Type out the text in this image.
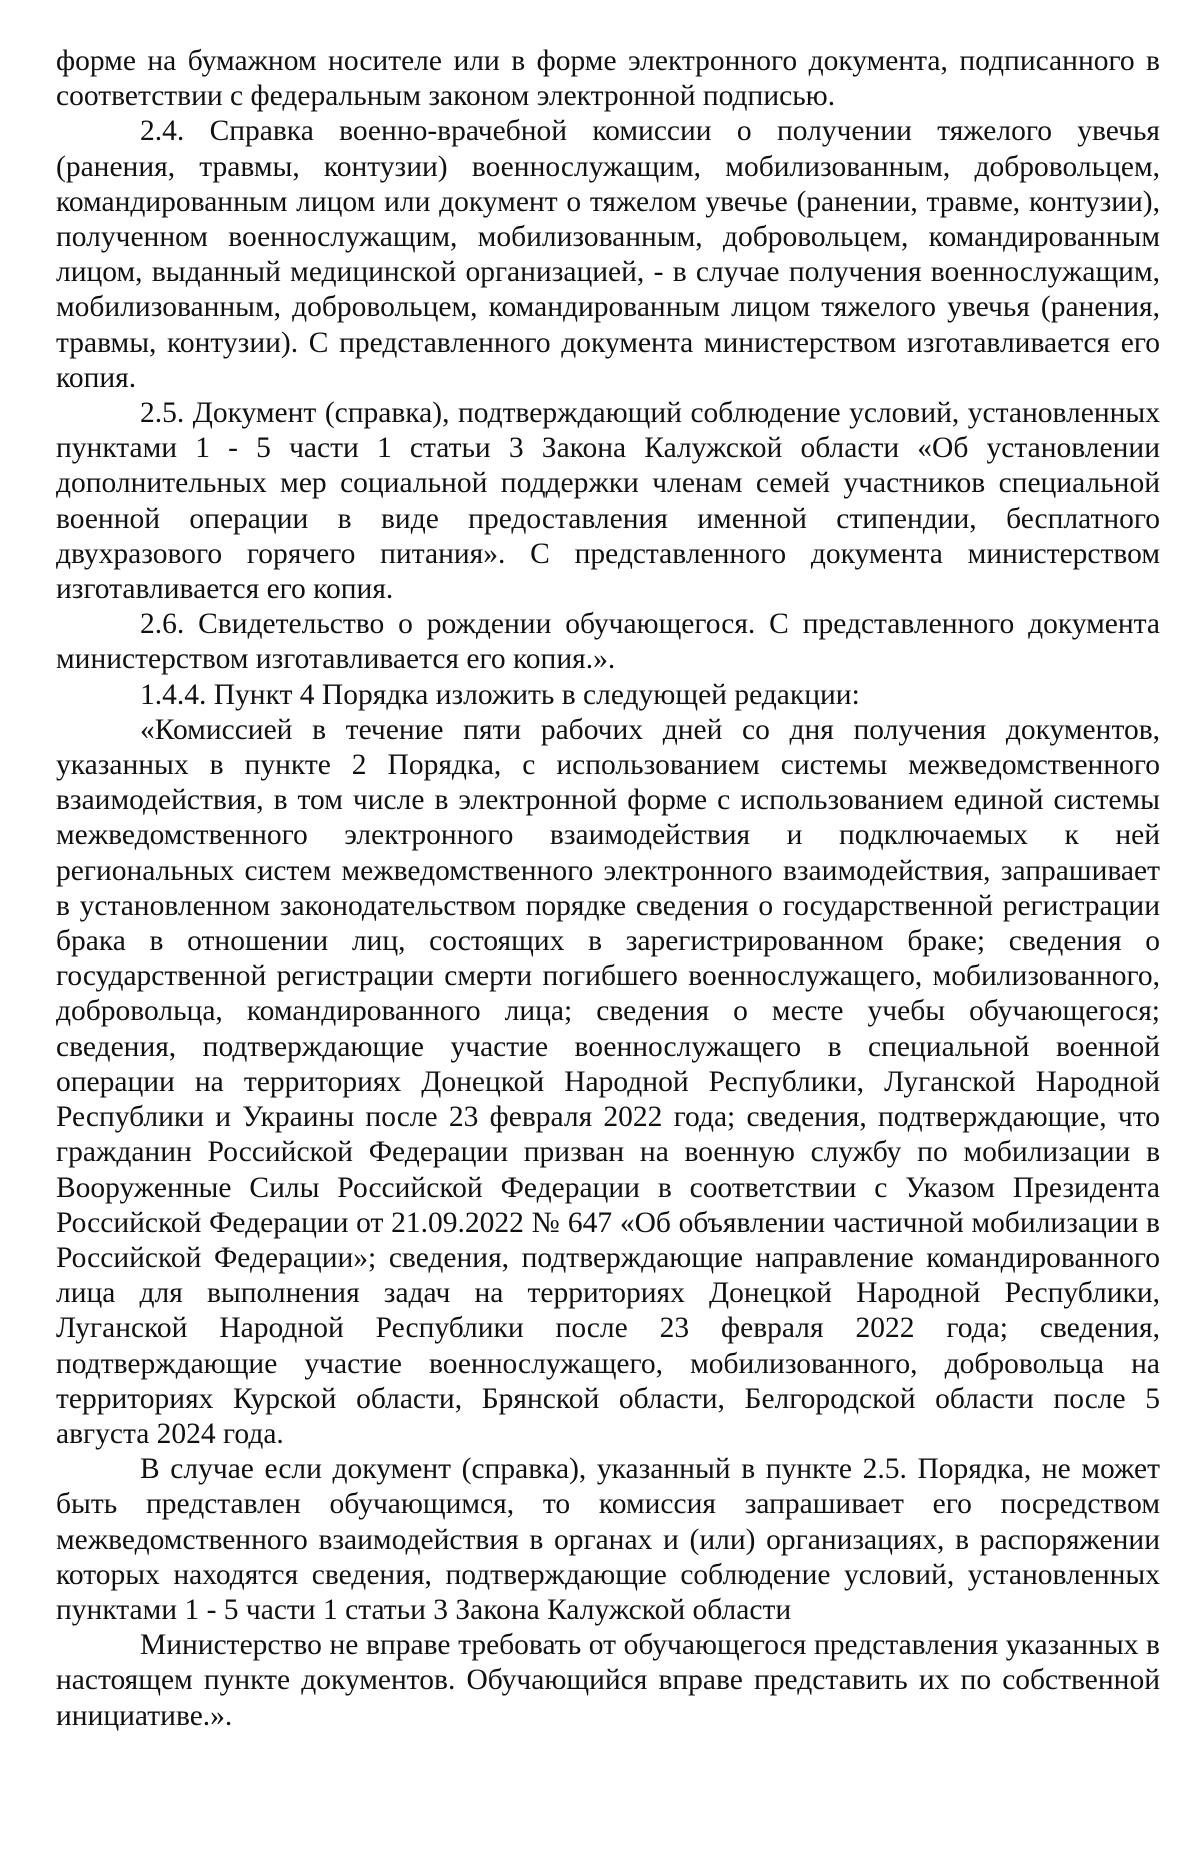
форме на бумажном носителе или в форме электронного документа, подписанного в соответствии с федеральным законом электронной подписью.

2.4. Справка военно-врачебной комиссии о получении тяжелого увечья (ранения, травмы, контузии) военнослужащим, мобилизованным, добровольцем, командированным лицом или документ о тяжелом увечье (ранении, травме, контузии), полученном военнослужащим, мобилизованным, добровольцем, командированным лицом, выданный медицинской организацией, - в случае получения военнослужащим, мобилизованным, добровольцем, командированным лицом тяжелого увечья (ранения, травмы, контузии). С представленного документа министерством изготавливается его копия.

2.5. Документ (справка), подтверждающий соблюдение условий, установленных пунктами 1 - 5 части 1 статьи 3 Закона Калужской области «Об установлении дополнительных мер социальной поддержки членам семей участников специальной военной операции в виде предоставления именной стипендии, бесплатного двухразового горячего питания». С представленного документа министерством изготавливается его копия.

2.6. Свидетельство о рождении обучающегося. С представленного документа министерством изготавливается его копия.».

1.4.4. Пункт 4 Порядка изложить в следующей редакции:

«Комиссией в течение пяти рабочих дней со дня получения документов, указанных в пункте 2 Порядка, с использованием системы межведомственного взаимодействия, в том числе в электронной форме с использованием единой системы межведомственного электронного взаимодействия и подключаемых к ней региональных систем межведомственного электронного взаимодействия, запрашивает в установленном законодательством порядке сведения о государственной регистрации брака в отношении лиц, состоящих в зарегистрированном браке; сведения о государственной регистрации смерти погибшего военнослужащего, мобилизованного, добровольца, командированного лица; сведения о месте учебы обучающегося; сведения, подтверждающие участие военнослужащего в специальной военной операции на территориях Донецкой Народной Республики, Луганской Народной Республики и Украины после 23 февраля 2022 года; сведения, подтверждающие, что гражданин Российской Федерации призван на военную службу по мобилизации в Вооруженные Силы Российской Федерации в соответствии с Указом Президента Российской Федерации от 21.09.2022 № 647 «Об объявлении частичной мобилизации в Российской Федерации»; сведения, подтверждающие направление командированного лица для выполнения задач на территориях Донецкой Народной Республики, Луганской Народной Республики после 23 февраля 2022 года; сведения, подтверждающие участие военнослужащего, мобилизованного, добровольца на территориях Курской области, Брянской области, Белгородской области после 5 августа 2024 года.

В случае если документ (справка), указанный в пункте 2.5. Порядка, не может быть представлен обучающимся, то комиссия запрашивает его посредством межведомственного взаимодействия в органах и (или) организациях, в распоряжении которых находятся сведения, подтверждающие соблюдение условий, установленных пунктами 1 - 5 части 1 статьи 3 Закона Калужской области

Министерство не вправе требовать от обучающегося представления указанных в настоящем пункте документов. Обучающийся вправе представить их по собственной инициативе.».
